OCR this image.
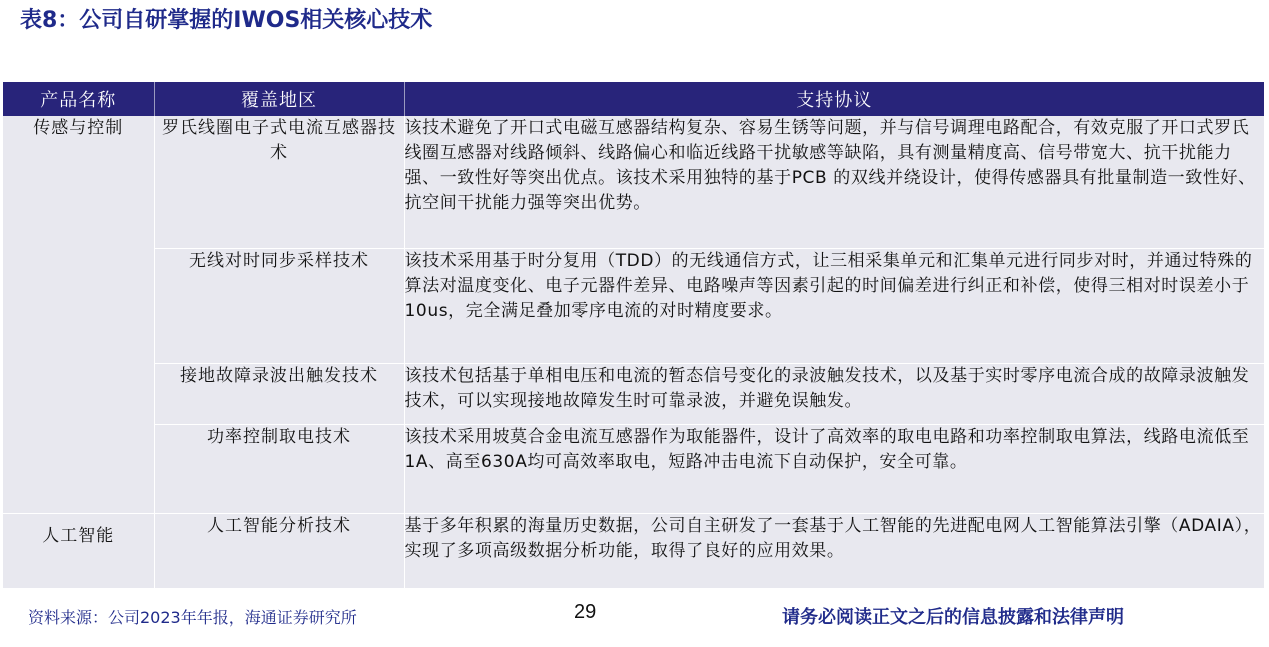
表8：公司自研掌握的IWOS相关核心技术
产品名称	覆盖地区	支持协议
传感与控制	罗氏线圈电子式电流互感器技术	该技术避免了开口式电磁互感器结构复杂、容易生锈等问题，并与信号调理电路配合，有效克服了开口式罗氏线圈互感器对线路倾斜、线路偏心和临近线路干扰敏感等缺陷，具有测量精度高、信号带宽大、抗干扰能力强、一致性好等突出优点。该技术采用独特的基于PCB 的双线并绕设计，使得传感器具有批量制造一致性好、抗空间干扰能力强等突出优势。
	无线对时同步采样技术	该技术采用基于时分复用（TDD）的无线通信方式，让三相采集单元和汇集单元进行同步对时，并通过特殊的算法对温度变化、电子元器件差异、电路噪声等因素引起的时间偏差进行纠正和补偿，使得三相对时误差小于10us，完全满足叠加零序电流的对时精度要求。
	接地故障录波出触发技术	该技术包括基于单相电压和电流的暂态信号变化的录波触发技术，以及基于实时零序电流合成的故障录波触发技术，可以实现接地故障发生时可靠录波，并避免误触发。
	功率控制取电技术	该技术采用坡莫合金电流互感器作为取能器件，设计了高效率的取电电路和功率控制取电算法，线路电流低至1A、高至630A均可高效率取电，短路冲击电流下自动保护，安全可靠。
人工智能	人工智能分析技术	基于多年积累的海量历史数据，公司自主研发了一套基于人工智能的先进配电网人工智能算法引擎（ADAIA），实现了多项高级数据分析功能，取得了良好的应用效果。
资料来源：公司2023年年报，海通证券研究所	29	请务必阅读正文之后的信息披露和法律声明
